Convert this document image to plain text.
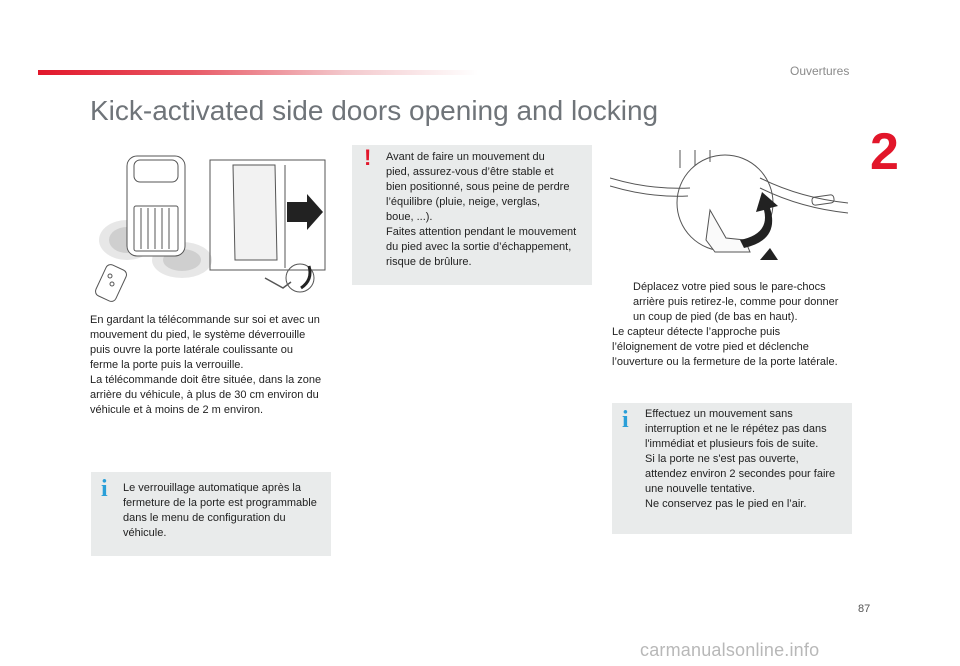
Ouvertures
2
Kick-activated side doors opening and locking
En gardant la télécommande sur soi et avec un
mouvement du pied, le système déverrouille
puis ouvre la porte latérale coulissante ou
ferme la porte puis la verrouille.
La télécommande doit être située, dans la zone
arrière du véhicule, à plus de 30 cm environ du
véhicule et à moins de 2 m environ.
i Le verrouillage automatique après la
fermeture de la porte est programmable
dans le menu de configuration du
véhicule.
! Avant de faire un mouvement du
pied, assurez-vous d’être stable et
bien positionné, sous peine de perdre
l’équilibre (pluie, neige, verglas,
boue, ...).
Faites attention pendant le mouvement
du pied avec la sortie d’échappement,
risque de brûlure.
Déplacez votre pied sous le pare-chocs
arrière puis retirez-le, comme pour donner
un coup de pied (de bas en haut).
Le capteur détecte l’approche puis
l’éloignement de votre pied et déclenche
l’ouverture ou la fermeture de la porte latérale.
i Effectuez un mouvement sans
interruption et ne le répétez pas dans
l'immédiat et plusieurs fois de suite.
Si la porte ne s'est pas ouverte,
attendez environ 2 secondes pour faire
une nouvelle tentative.
Ne conservez pas le pied en l’air.
87
carmanualsonline.info
